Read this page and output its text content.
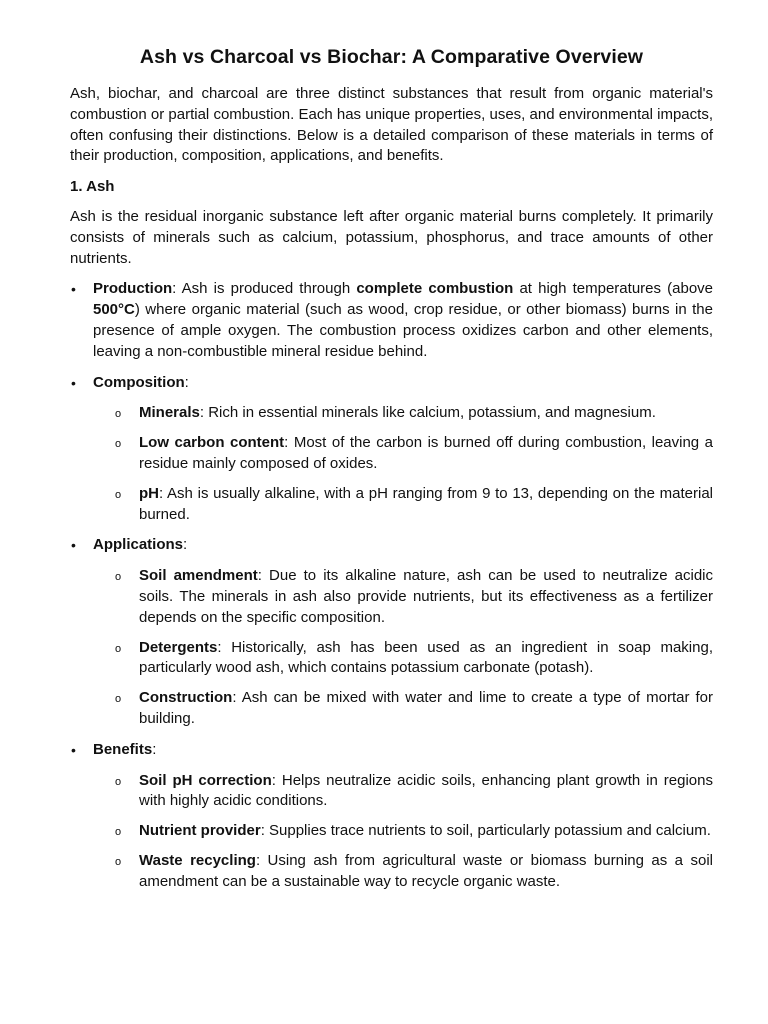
Ash vs Charcoal vs Biochar: A Comparative Overview

Ash, biochar, and charcoal are three distinct substances that result from organic material's combustion or partial combustion. Each has unique properties, uses, and environmental impacts, often confusing their distinctions. Below is a detailed comparison of these materials in terms of their production, composition, applications, and benefits.

1. Ash

Ash is the residual inorganic substance left after organic material burns completely. It primarily consists of minerals such as calcium, potassium, phosphorus, and trace amounts of other nutrients.

• Production: Ash is produced through complete combustion at high temperatures (above 500°C) where organic material (such as wood, crop residue, or other biomass) burns in the presence of ample oxygen. The combustion process oxidizes carbon and other elements, leaving a non-combustible mineral residue behind.
• Composition:
o Minerals: Rich in essential minerals like calcium, potassium, and magnesium.
o Low carbon content: Most of the carbon is burned off during combustion, leaving a residue mainly composed of oxides.
o pH: Ash is usually alkaline, with a pH ranging from 9 to 13, depending on the material burned.
• Applications:
o Soil amendment: Due to its alkaline nature, ash can be used to neutralize acidic soils. The minerals in ash also provide nutrients, but its effectiveness as a fertilizer depends on the specific composition.
o Detergents: Historically, ash has been used as an ingredient in soap making, particularly wood ash, which contains potassium carbonate (potash).
o Construction: Ash can be mixed with water and lime to create a type of mortar for building.
• Benefits:
o Soil pH correction: Helps neutralize acidic soils, enhancing plant growth in regions with highly acidic conditions.
o Nutrient provider: Supplies trace nutrients to soil, particularly potassium and calcium.
o Waste recycling: Using ash from agricultural waste or biomass burning as a soil amendment can be a sustainable way to recycle organic waste.
